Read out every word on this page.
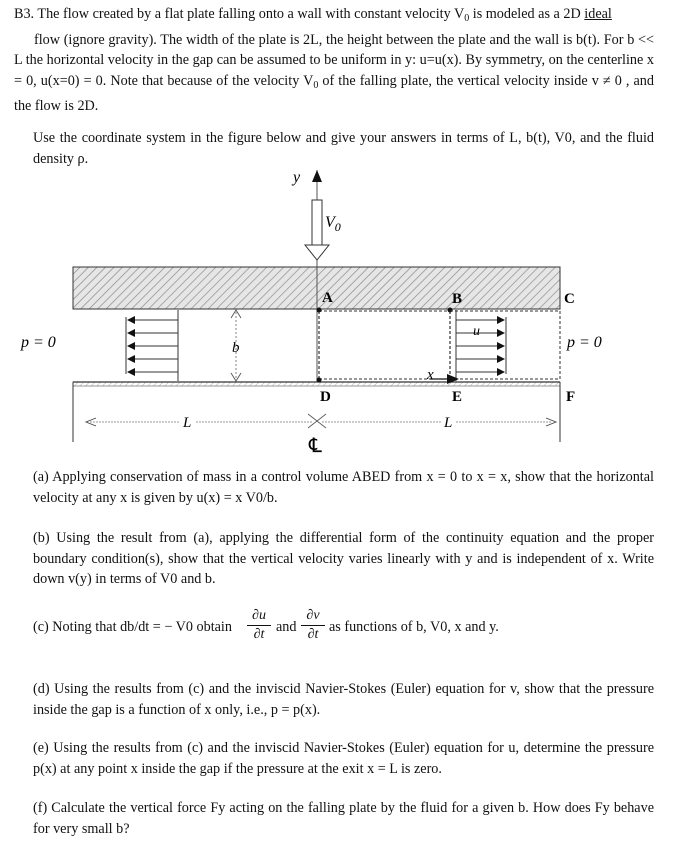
B3. The flow created by a flat plate falling onto a wall with constant velocity $V_0$ is modeled as a 2D ideal
flow (ignore gravity). The width of the plate is 2L, the height between the plate and the wall is b(t). For b << L the horizontal velocity in the gap can be assumed to be uniform in y: u=u(x). By symmetry, on the centerline x = 0, u(x=0) = 0. Note that because of the velocity $V_0$ of the falling plate, the vertical velocity inside v ≠ 0 , and the flow is 2D.
Use the coordinate system in the figure below and give your answers in terms of L, b(t), V0, and the fluid density ρ.
y
$V_0$
b
x
A	B	C
D	E	F
u
p = 0	p = 0
L	L
℄
(a) Applying conservation of mass in a control volume ABED from x = 0 to x = x, show that the horizontal velocity at any x is given by u(x) = x V0/b.
(b) Using the result from (a), applying the differential form of the continuity equation and the proper boundary condition(s), show that the vertical velocity varies linearly with y and is independent of x. Write down v(y) in terms of V0 and b.
(c) Noting that db/dt = − V0 obtain
∂u
∂t and
∂v
∂t as functions of b, V0, x and y.
(d) Using the results from (c) and the inviscid Navier-Stokes (Euler) equation for v, show that the pressure inside the gap is a function of x only, i.e., p = p(x).
(e) Using the results from (c) and the inviscid Navier-Stokes (Euler) equation for u, determine the pressure p(x) at any point x inside the gap if the pressure at the exit x = L is zero.
(f) Calculate the vertical force Fy acting on the falling plate by the fluid for a given b. How does Fy behave for very small b?
